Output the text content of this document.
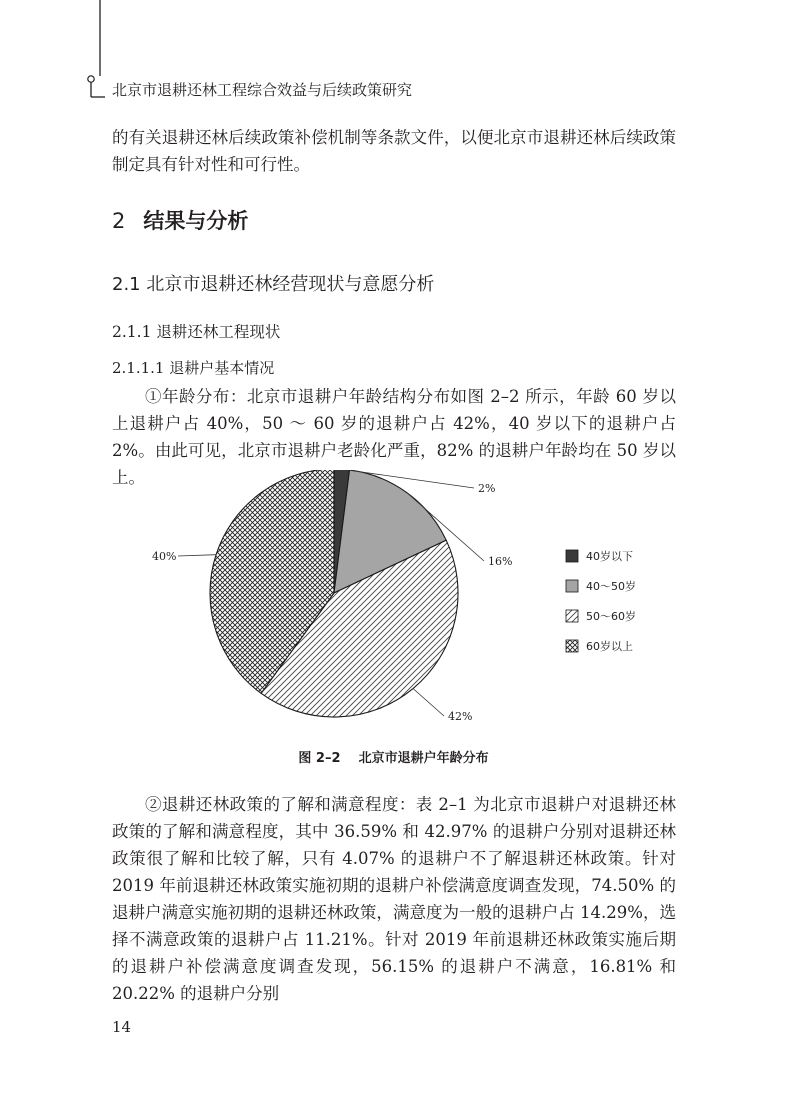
北京市退耕还林工程综合效益与后续政策研究

的有关退耕还林后续政策补偿机制等条款文件，以便北京市退耕还林后续政策制定具有针对性和可行性。

2 结果与分析
2.1 北京市退耕还林经营现状与意愿分析
2.1.1 退耕还林工程现状
2.1.1.1 退耕户基本情况

①年龄分布：北京市退耕户年龄结构分布如图 2–2 所示，年龄 60 岁以上退耕户占 40%，50 ～ 60 岁的退耕户占 42%，40 岁以下的退耕户占 2%。由此可见，北京市退耕户老龄化严重，82% 的退耕户年龄均在 50 岁以上。

2%
16%
42%
40%	40岁以下
40～50岁
50～60岁
60岁以上
图 2–2    北京市退耕户年龄分布

②退耕还林政策的了解和满意程度：表 2–1 为北京市退耕户对退耕还林政策的了解和满意程度，其中 36.59% 和 42.97% 的退耕户分别对退耕还林政策很了解和比较了解，只有 4.07% 的退耕户不了解退耕还林政策。针对 2019 年前退耕还林政策实施初期的退耕户补偿满意度调查发现，74.50% 的退耕户满意实施初期的退耕还林政策，满意度为一般的退耕户占 14.29%，选择不满意政策的退耕户占 11.21%。针对 2019 年前退耕还林政策实施后期的退耕户补偿满意度调查发现，56.15% 的退耕户不满意，16.81% 和 20.22% 的退耕户分别

14
